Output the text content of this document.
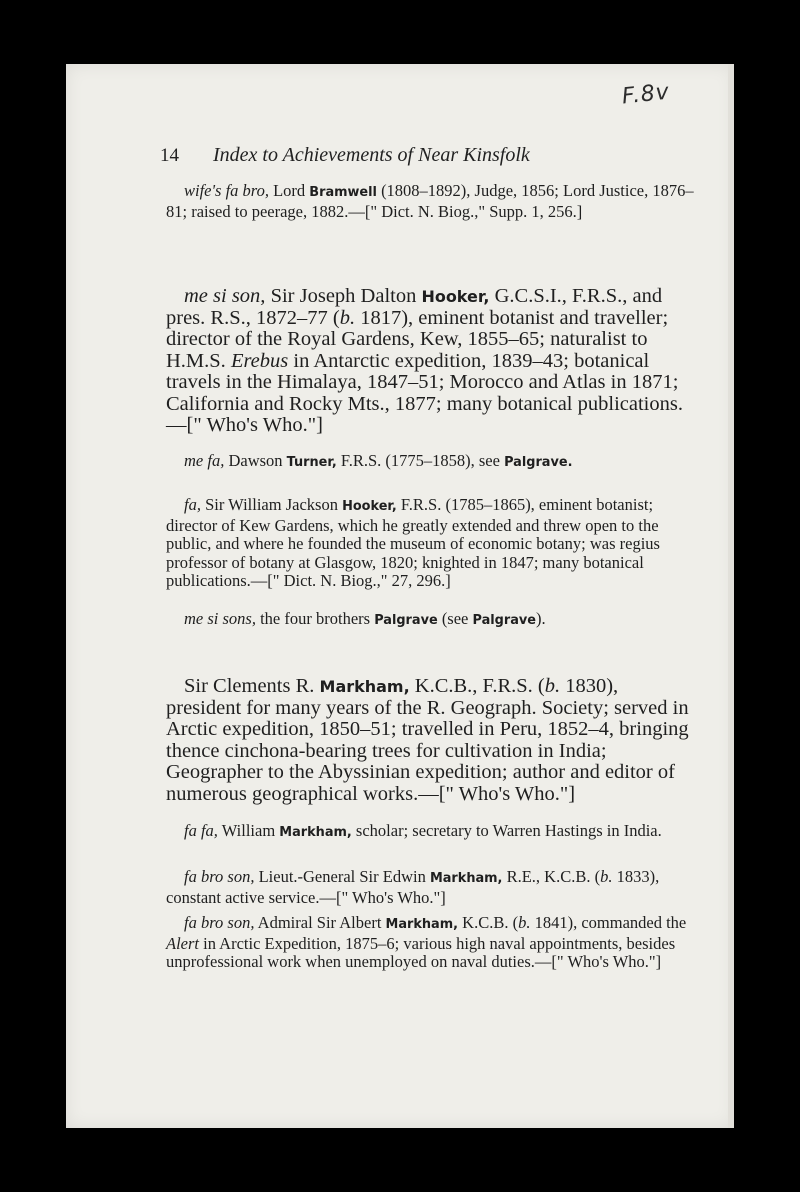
F.8v
14 Index to Achievements of Near Kinsfolk

wife's fa bro, Lord Bramwell (1808–1892), Judge, 1856; Lord Justice, 1876–81; raised to peerage, 1882.—[" Dict. N. Biog.," Supp. 1, 256.]

me si son, Sir Joseph Dalton Hooker, G.C.S.I., F.R.S., and pres. R.S., 1872–77 (b. 1817), eminent botanist and traveller; director of the Royal Gardens, Kew, 1855–65; naturalist to H.M.S. Erebus in Antarctic expedition, 1839–43; botanical travels in the Himalaya, 1847–51; Morocco and Atlas in 1871; California and Rocky Mts., 1877; many botanical publications.—[" Who's Who."]

me fa, Dawson Turner, F.R.S. (1775–1858), see Palgrave.

fa, Sir William Jackson Hooker, F.R.S. (1785–1865), eminent botanist; director of Kew Gardens, which he greatly extended and threw open to the public, and where he founded the museum of economic botany; was regius professor of botany at Glasgow, 1820; knighted in 1847; many botanical publications.—[" Dict. N. Biog.," 27, 296.]

me si sons, the four brothers Palgrave (see Palgrave).

Sir Clements R. Markham, K.C.B., F.R.S. (b. 1830), president for many years of the R. Geograph. Society; served in Arctic expedition, 1850–51; travelled in Peru, 1852–4, bringing thence cinchona-bearing trees for cultivation in India; Geographer to the Abyssinian expedition; author and editor of numerous geographical works.—[" Who's Who."]

fa fa, William Markham, scholar; secretary to Warren Hastings in India.

fa bro son, Lieut.-General Sir Edwin Markham, R.E., K.C.B. (b. 1833), constant active service.—[" Who's Who."]

fa bro son, Admiral Sir Albert Markham, K.C.B. (b. 1841), commanded the Alert in Arctic Expedition, 1875–6; various high naval appointments, besides unprofessional work when unemployed on naval duties.—[" Who's Who."]
